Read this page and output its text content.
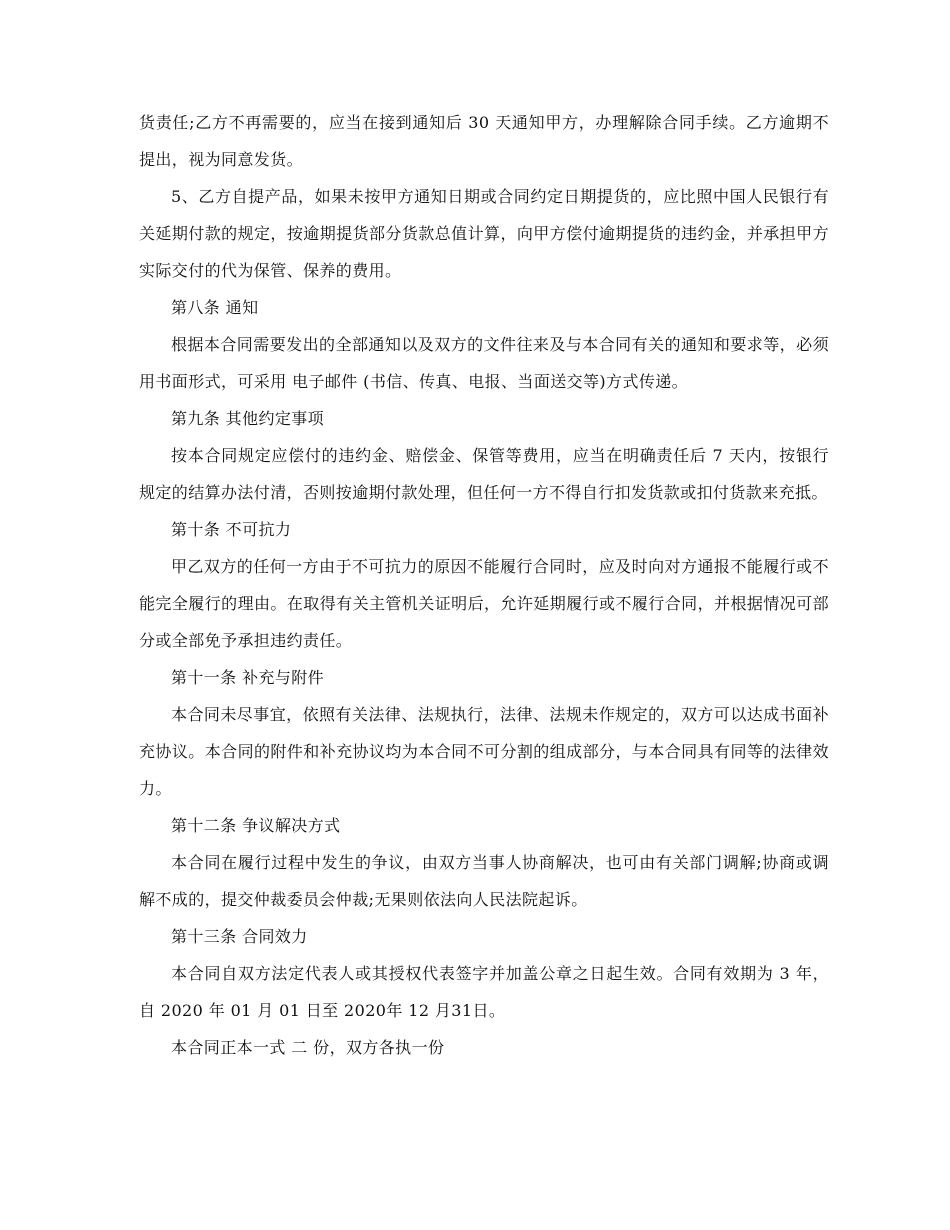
货责任;乙方不再需要的，应当在接到通知后 30 天通知甲方，办理解除合同手续。乙方逾期不提出，视为同意发货。

5、乙方自提产品，如果未按甲方通知日期或合同约定日期提货的，应比照中国人民银行有关延期付款的规定，按逾期提货部分货款总值计算，向甲方偿付逾期提货的违约金，并承担甲方实际交付的代为保管、保养的费用。

第八条 通知

根据本合同需要发出的全部通知以及双方的文件往来及与本合同有关的通知和要求等，必须用书面形式，可采用 电子邮件 (书信、传真、电报、当面送交等)方式传递。

第九条 其他约定事项

按本合同规定应偿付的违约金、赔偿金、保管等费用，应当在明确责任后 7 天内，按银行规定的结算办法付清，否则按逾期付款处理，但任何一方不得自行扣发货款或扣付货款来充抵。

第十条 不可抗力

甲乙双方的任何一方由于不可抗力的原因不能履行合同时，应及时向对方通报不能履行或不能完全履行的理由。在取得有关主管机关证明后，允许延期履行或不履行合同，并根据情况可部分或全部免予承担违约责任。

第十一条 补充与附件

本合同未尽事宜，依照有关法律、法规执行，法律、法规未作规定的，双方可以达成书面补充协议。本合同的附件和补充协议均为本合同不可分割的组成部分，与本合同具有同等的法律效力。

第十二条 争议解决方式

本合同在履行过程中发生的争议，由双方当事人协商解决，也可由有关部门调解;协商或调解不成的，提交仲裁委员会仲裁;无果则依法向人民法院起诉。

第十三条 合同效力

本合同自双方法定代表人或其授权代表签字并加盖公章之日起生效。合同有效期为 3 年，自 2020 年 01 月 01 日至 2020年 12 月31日。

本合同正本一式 二 份，双方各执一份
